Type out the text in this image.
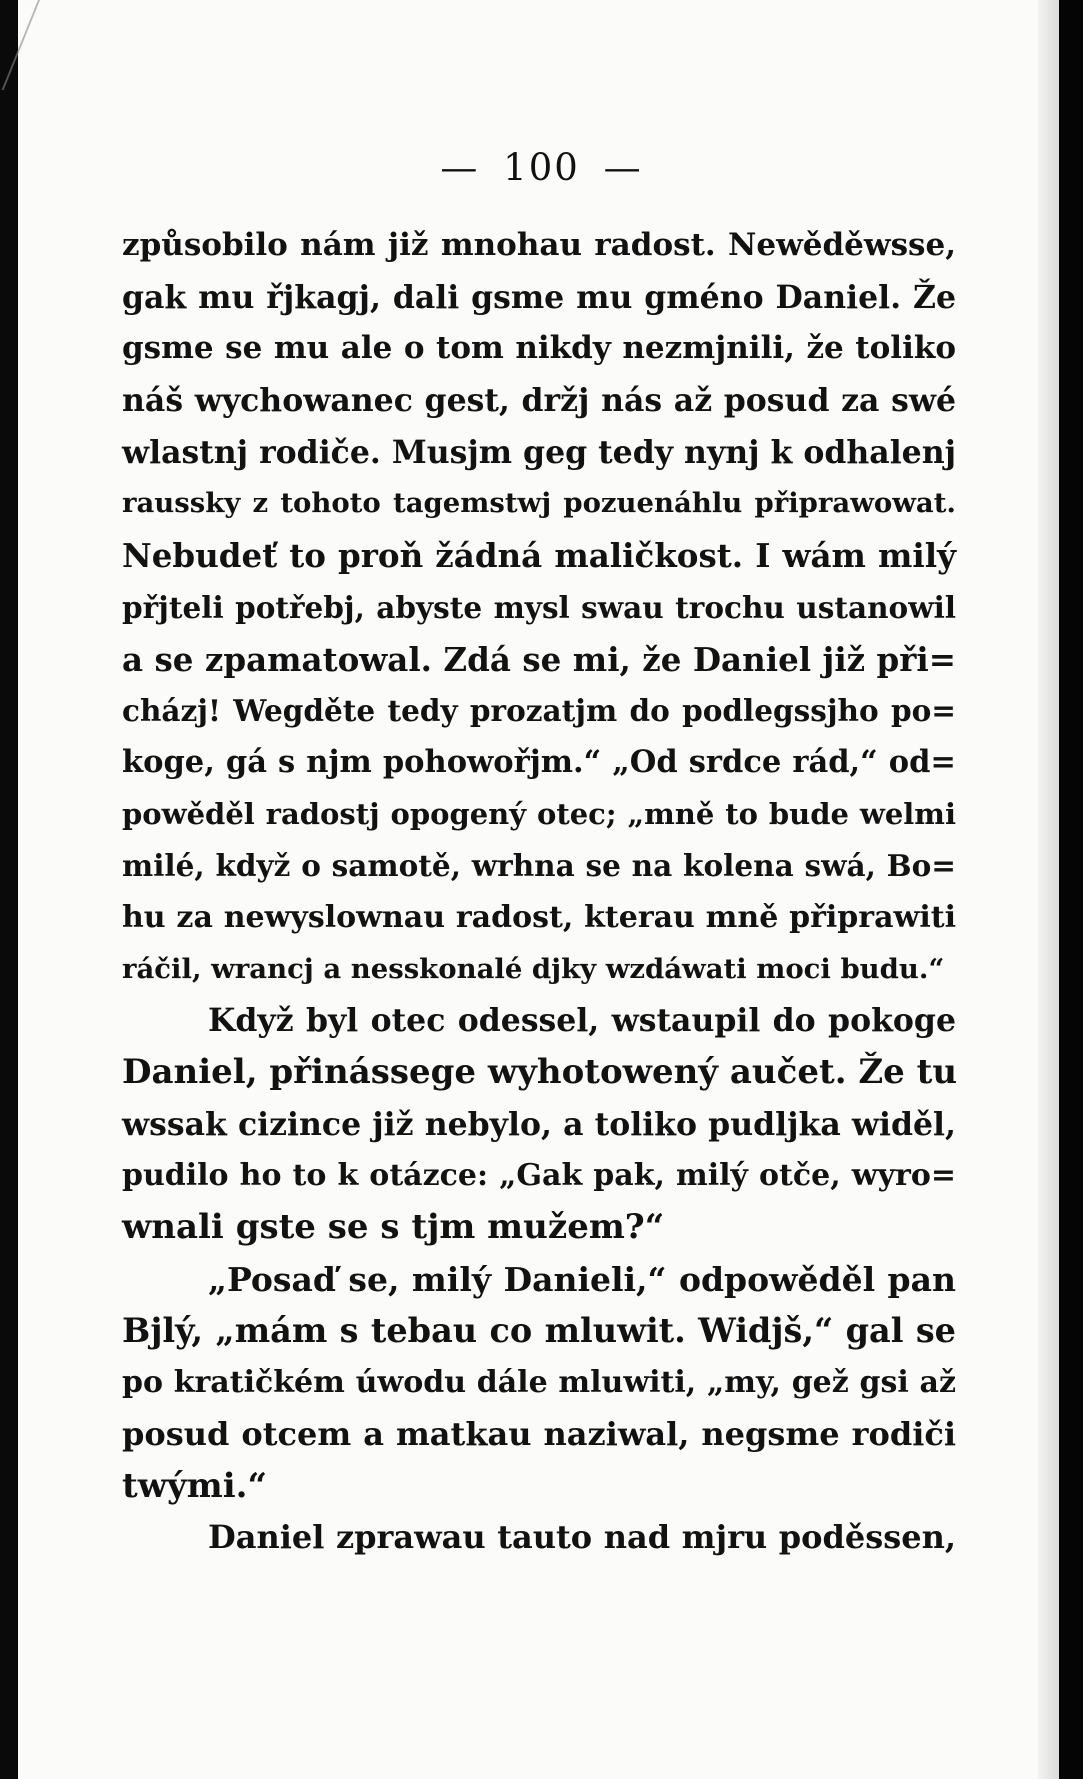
— 100 —
způsobilo nám již mnohau radost. Newěděwsse,
gak mu řjkagj, dali gsme mu gméno Daniel. Že
gsme se mu ale o tom nikdy nezmjnili, že toliko
náš wychowanec gest, držj nás až posud za swé
wlastnj rodiče. Musjm geg tedy nynj k odhalenj
raussky z tohoto tagemstwj pozuenáhlu připrawowat.
Nebudeť to proň žádná maličkost. I wám milý
přjteli potřebj, abyste mysl swau trochu ustanowil
a se zpamatowal. Zdá se mi, že Daniel již při=
cházj! Wegděte tedy prozatjm do podlegssjho po=
koge, gá s njm pohowořjm.“ „Od srdce rád,“ od=
powěděl radostj opogený otec; „mně to bude welmi
milé, když o samotě, wrhna se na kolena swá, Bo=
hu za newyslownau radost, kterau mně připrawiti
ráčil, wrancj a nesskonalé djky wzdáwati moci budu.“
Když byl otec odessel, wstaupil do pokoge
Daniel, přinássege wyhotowený aučet. Že tu
wssak cizince již nebylo, a toliko pudljka widěl,
pudilo ho to k otázce: „Gak pak, milý otče, wyro=
wnali gste se s tjm mužem?“
„Posaď se, milý Danieli,“ odpowěděl pan
Bjlý, „mám s tebau co mluwit. Widjš,“ gal se
po kratičkém úwodu dále mluwiti, „my, gež gsi až
posud otcem a matkau naziwal, negsme rodiči
twými.“
Daniel zprawau tauto nad mjru poděssen,
